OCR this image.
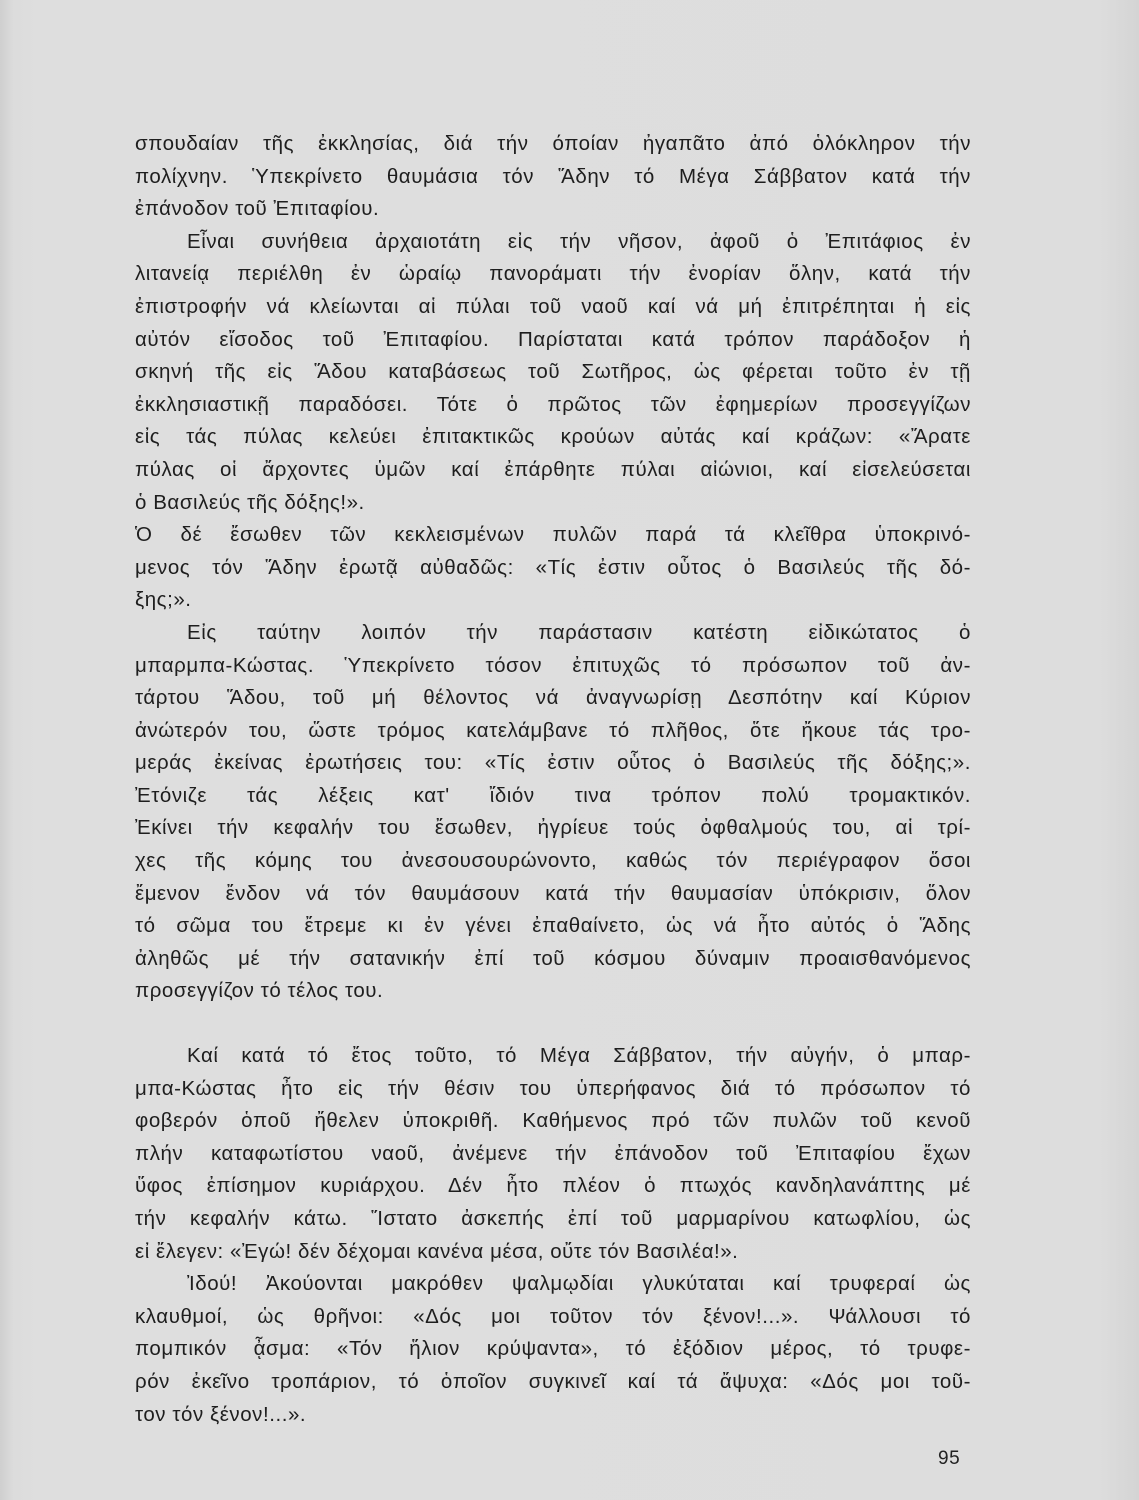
σπουδαίαν τῆς ἐκκλησίας, διά τήν όποίαν ἠγαπᾶτο ἀπό ὁλόκληρον τήν
πολίχνην. Ὑπεκρίνετο θαυμάσια τόν Ἅδην τό Μέγα Σάββατον κατά τήν
ἐπάνοδον τοῦ Ἐπιταφίου.
Εἶναι συνήθεια ἀρχαιοτάτη εἰς τήν νῆσον, ἀφοῦ ὁ Ἐπιτάφιος ἐν
λιτανείᾳ περιέλθη ἐν ὡραίῳ πανοράματι τήν ἐνορίαν ὅλην, κατά τήν
ἐπιστροφήν νά κλείωνται αἱ πύλαι τοῦ ναοῦ καί νά μή ἐπιτρέπηται ἡ εἰς
αὐτόν εἴσοδος τοῦ Ἐπιταφίου. Παρίσταται κατά τρόπον παράδοξον ἡ
σκηνή τῆς εἰς Ἅδου καταβάσεως τοῦ Σωτῆρος, ὡς φέρεται τοῦτο ἐν τῇ
ἐκκλησιαστικῇ παραδόσει. Τότε ὁ πρῶτος τῶν ἐφημερίων προσεγγίζων
εἰς τάς πύλας κελεύει ἐπιτακτικῶς κρούων αὐτάς καί κράζων: «Ἄρατε
πύλας οἱ ἄρχοντες ὑμῶν καί ἐπάρθητε πύλαι αἰώνιοι, καί εἰσελεύσεται
ὁ Βασιλεύς τῆς δόξης!».
Ὁ δέ ἔσωθεν τῶν κεκλεισμένων πυλῶν παρά τά κλεῖθρα ὑποκρινό-
μενος τόν Ἅδην ἐρωτᾷ αὐθαδῶς: «Τίς ἐστιν οὗτος ὁ Βασιλεύς τῆς δό-
ξης;».
Εἰς ταύτην λοιπόν τήν παράστασιν κατέστη εἰδικώτατος ὁ
μπαρμπα-Κώστας. Ὑπεκρίνετο τόσον ἐπιτυχῶς τό πρόσωπον τοῦ ἀν-
τάρτου Ἅδου, τοῦ μή θέλοντος νά ἀναγνωρίσῃ Δεσπότην καί Κύριον
ἀνώτερόν του, ὥστε τρόμος κατελάμβανε τό πλῆθος, ὅτε ἤκουε τάς τρο-
μεράς ἐκείνας ἐρωτήσεις του: «Τίς ἐστιν οὗτος ὁ Βασιλεύς τῆς δόξης;».
Ἐτόνιζε τάς λέξεις κατ' ἴδιόν τινα τρόπον πολύ τρομακτικόν.
Ἐκίνει τήν κεφαλήν του ἔσωθεν, ἠγρίευε τούς ὀφθαλμούς του, αἱ τρί-
χες τῆς κόμης του ἀνεσουσουρώνοντο, καθώς τόν περιέγραφον ὅσοι
ἔμενον ἔνδον νά τόν θαυμάσουν κατά τήν θαυμασίαν ὑπόκρισιν, ὅλον
τό σῶμα του ἔτρεμε κι ἐν γένει ἐπαθαίνετο, ὡς νά ἦτο αὐτός ὁ Ἅδης
ἀληθῶς μέ τήν σατανικήν ἐπί τοῦ κόσμου δύναμιν προαισθανόμενος
προσεγγίζον τό τέλος του.
Καί κατά τό ἔτος τοῦτο, τό Μέγα Σάββατον, τήν αὐγήν, ὁ μπαρ-
μπα-Κώστας ἦτο εἰς τήν θέσιν του ὑπερήφανος διά τό πρόσωπον τό
φοβερόν ὁποῦ ἤθελεν ὑποκριθῆ. Καθήμενος πρό τῶν πυλῶν τοῦ κενοῦ
πλήν καταφωτίστου ναοῦ, ἀνέμενε τήν ἐπάνοδον τοῦ Ἐπιταφίου ἔχων
ὕφος ἐπίσημον κυριάρχου. Δέν ἦτο πλέον ὁ πτωχός κανδηλανάπτης μέ
τήν κεφαλήν κάτω. Ἵστατο ἀσκεπής ἐπί τοῦ μαρμαρίνου κατωφλίου, ὡς
εἰ ἔλεγεν: «Ἐγώ! δέν δέχομαι κανένα μέσα, οὔτε τόν Βασιλέα!».
Ἰδού! Ἀκούονται μακρόθεν ψαλμῳδίαι γλυκύταται καί τρυφεραί ὡς
κλαυθμοί, ὡς θρῆνοι: «Δός μοι τοῦτον τόν ξένον!...». Ψάλλουσι τό
πομπικόν ᾆσμα: «Τόν ἥλιον κρύψαντα», τό ἐξόδιον μέρος, τό τρυφε-
ρόν ἐκεῖνο τροπάριον, τό ὁποῖον συγκινεῖ καί τά ἄψυχα: «Δός μοι τοῦ-
τον τόν ξένον!...».
95
